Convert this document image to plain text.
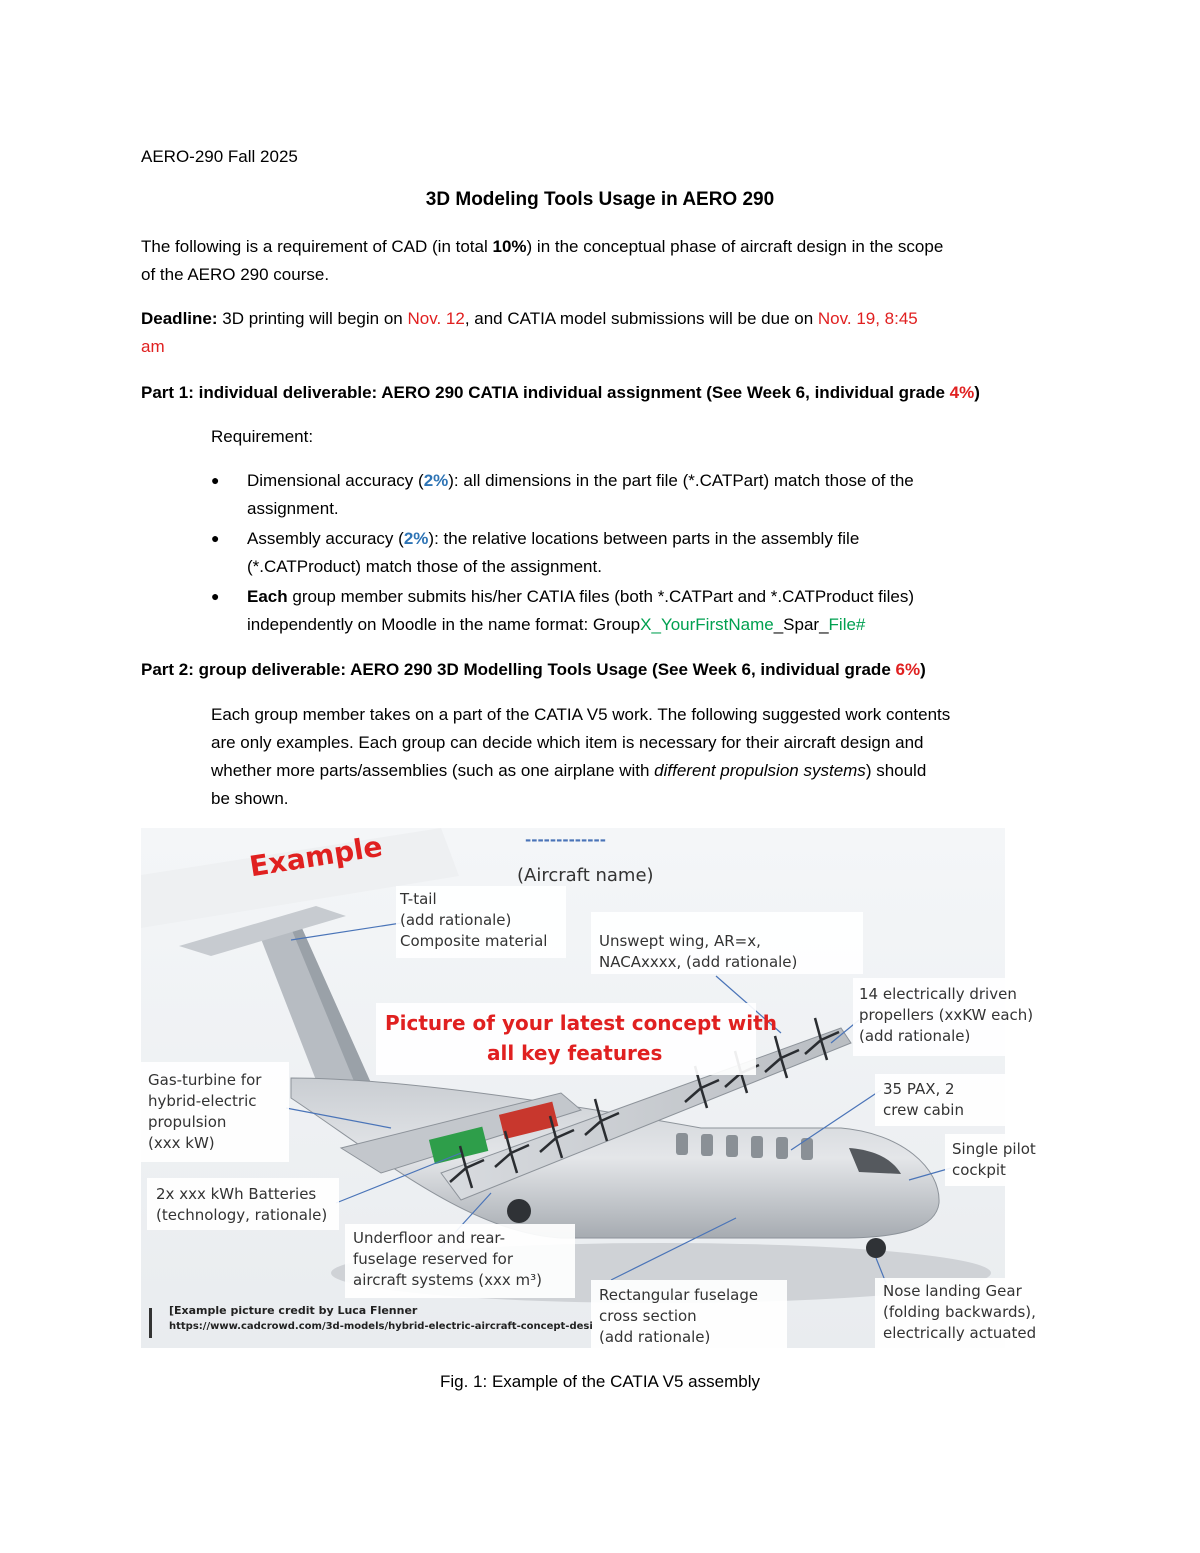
AERO-290 Fall 2025
3D Modeling Tools Usage in AERO 290
The following is a requirement of CAD (in total 10%) in the conceptual phase of aircraft design in the scope
of the AERO 290 course.
Deadline: 3D printing will begin on Nov. 12, and CATIA model submissions will be due on Nov. 19, 8:45
am
Part 1: individual deliverable: AERO 290 CATIA individual assignment (See Week 6, individual grade 4%)
Requirement:
● Dimensional accuracy (2%): all dimensions in the part file (*.CATPart) match those of the
assignment.
● Assembly accuracy (2%): the relative locations between parts in the assembly file
(*.CATProduct) match those of the assignment.
● Each group member submits his/her CATIA files (both *.CATPart and *.CATProduct files)
independently on Moodle in the name format: GroupX_YourFirstName_Spar_File#
Part 2: group deliverable: AERO 290 3D Modelling Tools Usage (See Week 6, individual grade 6%)
Each group member takes on a part of the CATIA V5 work. The following suggested work contents
are only examples. Each group can decide which item is necessary for their aircraft design and
whether more parts/assemblies (such as one airplane with different propulsion systems) should
be shown.
Example	-------------
(Aircraft name)
Picture of your latest concept with
all key features
T-tail
(add rationale)
Composite material	Unswept wing, AR=x,
NACAxxxx, (add rationale)
14 electrically driven
propellers (xxKW each)
(add rationale)
Gas-turbine for
hybrid-electric
propulsion
(xxx kW)
35 PAX, 2
crew cabin
Single pilot
cockpit
2x xxx kWh Batteries
(technology, rationale)
Underfloor and rear-
fuselage reserved for
aircraft systems (xxx m³)
Rectangular fuselage
cross section
(add rationale)
Nose landing Gear
(folding backwards),
electrically actuated
[Example picture credit by Luca Flenner
https://www.cadcrowd.com/3d-models/hybrid-electric-aircraft-concept-desi
Fig. 1: Example of the CATIA V5 assembly
